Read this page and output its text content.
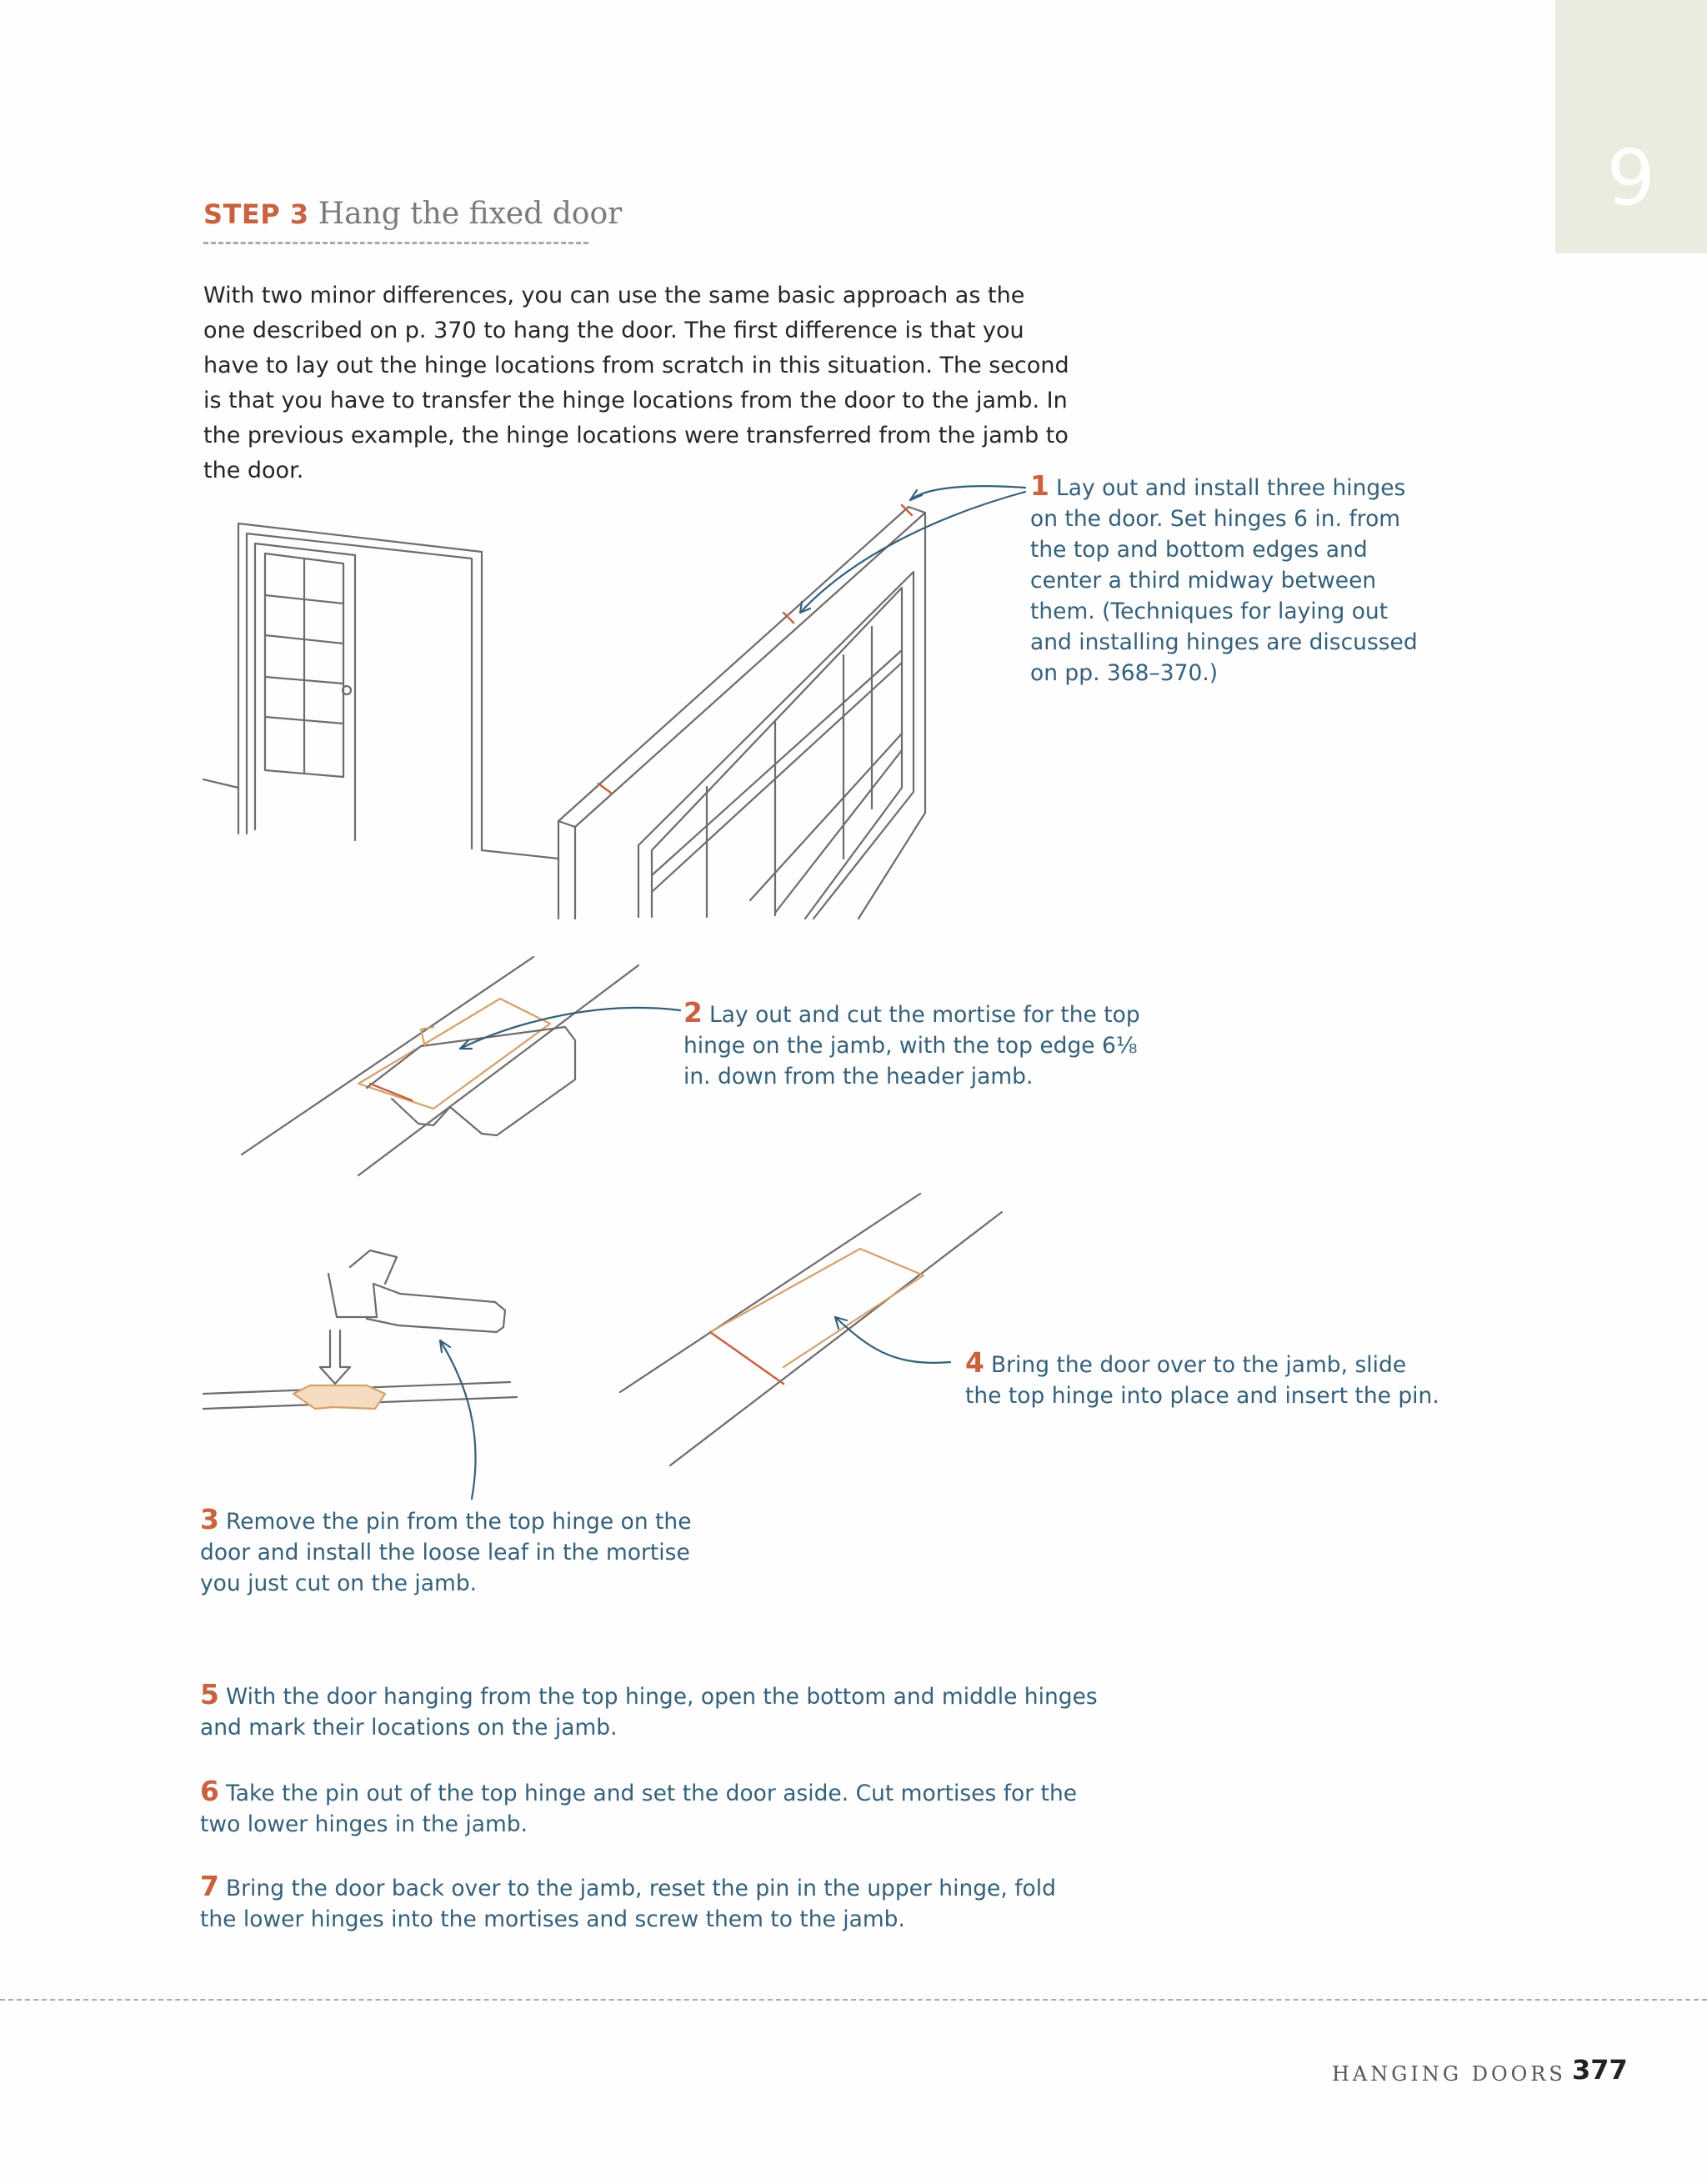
9
STEP 3 Hang the fixed door

With two minor differences, you can use the same basic approach as the one described on p. 370 to hang the door. The first difference is that you have to lay out the hinge locations from scratch in this situation. The second is that you have to transfer the hinge locations from the door to the jamb. In the previous example, the hinge locations were transferred from the jamb to the door.	1 Lay out and install three hinges on the door. Set hinges 6 in. from the top and bottom edges and center a third midway between them. (Techniques for laying out and installing hinges are discussed on pp. 368–370.)

2 Lay out and cut the mortise for the top hinge on the jamb, with the top edge 6⅛ in. down from the header jamb.

3 Remove the pin from the top hinge on the door and install the loose leaf in the mortise you just cut on the jamb.

4 Bring the door over to the jamb, slide the top hinge into place and insert the pin.

5 With the door hanging from the top hinge, open the bottom and middle hinges and mark their locations on the jamb.

6 Take the pin out of the top hinge and set the door aside. Cut mortises for the two lower hinges in the jamb.

7 Bring the door back over to the jamb, reset the pin in the upper hinge, fold the lower hinges into the mortises and screw them to the jamb.

HANGING DOORS 377
